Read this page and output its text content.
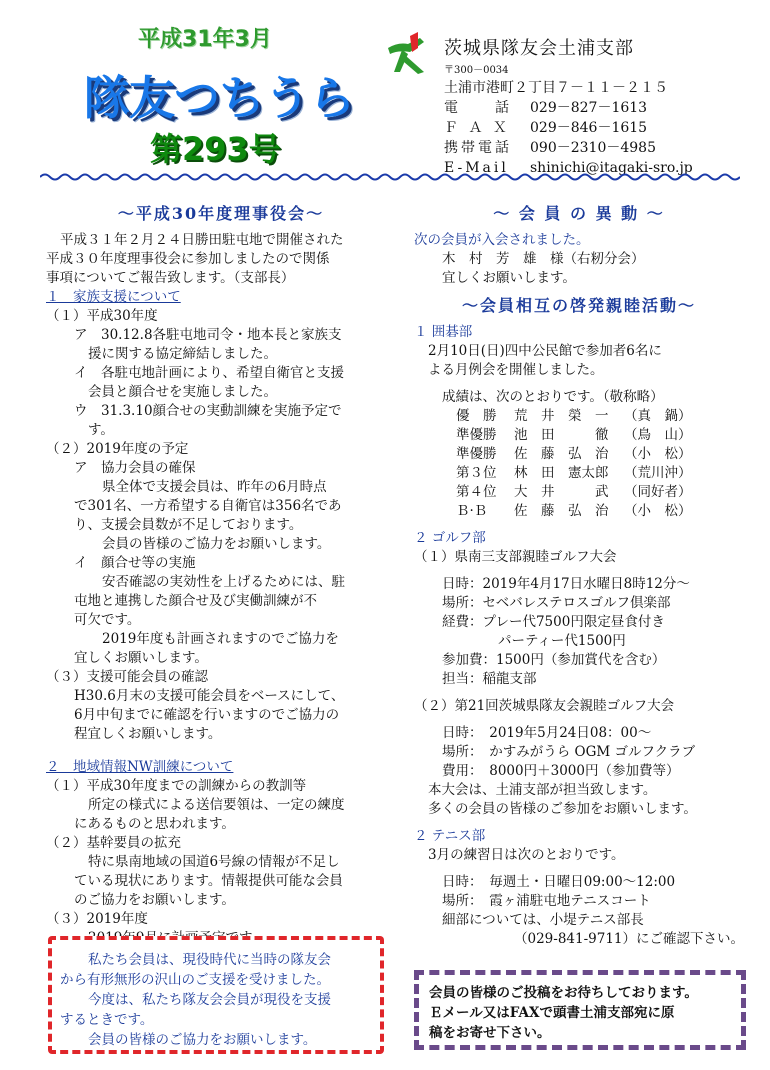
平成31年3月
隊友つちうら
第293号
茨城県隊友会土浦支部
〒300－0034
土浦市港町２丁目７－１１－２１５
電　　話 029－827－1613
Ｆ Ａ Ｘ 029－846－1615
携帯電話 090－2310－4985
E-Mail shinichi@itagaki-sro.jp
～平成30年度理事役会～
平成３１年２月２４日勝田駐屯地で開催された
平成３０年度理事役会に参加しましたので関係
事項についてご報告致します。（支部長）
１　家族支援について
（１）平成30年度
ア　30.12.8各駐屯地司令・地本長と家族支
援に関する協定締結しました。
イ　各駐屯地計画により、希望自衛官と支援
会員と顔合せを実施しました。
ウ　31.3.10顔合せの実動訓練を実施予定で
す。
（２）2019年度の予定
ア　協力会員の確保
県全体で支援会員は、昨年の6月時点
で301名、一方希望する自衛官は356名であ
り、支援会員数が不足しております。
会員の皆様のご協力をお願いします。
イ　顔合せ等の実施
安否確認の実効性を上げるためには、駐
屯地と連携した顔合せ及び実働訓練が不
可欠です。
2019年度も計画されますのでご協力を
宜しくお願いします。
（３）支援可能会員の確認
H30.6月末の支援可能会員をベースにして、
6月中旬までに確認を行いますのでご協力の
程宜しくお願いします。
２　地域情報NW訓練について
（１）平成30年度までの訓練からの教訓等
所定の様式による送信要領は、一定の練度
にあるものと思われます。
（２）基幹要員の拡充
特に県南地域の国道6号線の情報が不足し
ている現状にあります。情報提供可能な会員
のご協力をお願いします。
（３）2019年度
私たち会員は、現役時代に当時の隊友会
から有形無形の沢山のご支援を受けました。
今度は、私たち隊友会会員が現役を支援
するときです。
会員の皆様のご協力をお願いします。
～ 会 員 の 異 動 ～
次の会員が入会されました。
木　村　芳　雄　様（右籾分会）
宜しくお願いします。
～会員相互の啓発親睦活動～
１ 囲碁部
2月10日(日)四中公民館で参加者6名に
よる月例会を開催しました。
成績は、次のとおりです。（敬称略）
優　勝	荒　井　榮　一	（真　鍋）
準優勝	池　田　　　徹	（鳥　山）
準優勝	佐　藤　弘　治	（小　松）
第３位	林　田　憲太郎	（荒川沖）
第４位	大　井　　　武	（同好者）
Ｂ·Ｂ	佐　藤　弘　治	（小　松）
２ ゴルフ部
（１）県南三支部親睦ゴルフ大会
日時：2019年4月17日水曜日8時12分～
場所：セベバレステロスゴルフ倶楽部
経費：プレー代7500円限定昼食付き
パーティー代1500円
参加費：1500円（参加賞代を含む）
担当：稲龍支部
（２）第21回茨城県隊友会親睦ゴルフ大会
日時：　2019年5月24日08：00～
場所：　かすみがうら OGM ゴルフクラブ
費用：　8000円＋3000円（参加費等）
本大会は、土浦支部が担当致します。
多くの会員の皆様のご参加をお願いします。
２ テニス部
3月の練習日は次のとおりです。
日時：　毎週土・日曜日09:00～12:00
場所：　霞ヶ浦駐屯地テニスコート
細部については、小堤テニス部長
（029-841-9711）にご確認下さい。
会員の皆様のご投稿をお待ちしております。
Ｅメール又はFAXで頭書土浦支部宛に原
稿をお寄せ下さい。
